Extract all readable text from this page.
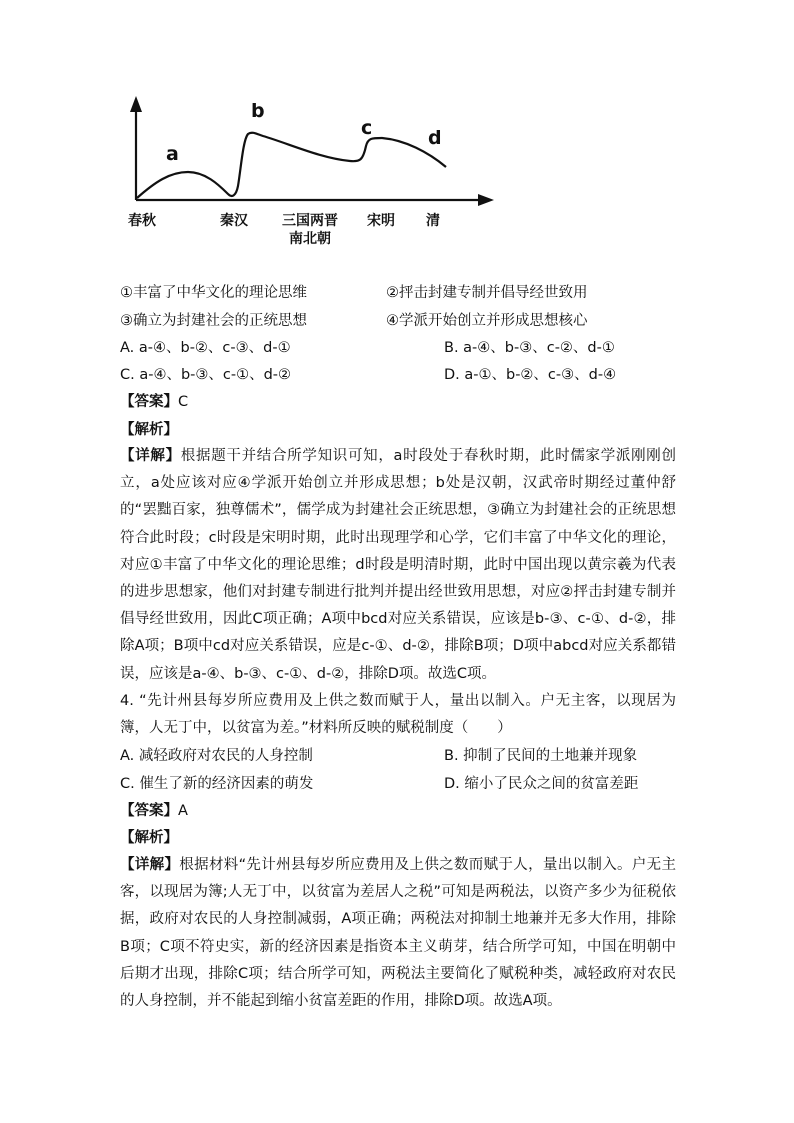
a
b
c	d
春秋	秦汉 三国两晋
南北朝
宋明 清
①丰富了中华文化的理论思维	②抨击封建专制并倡导经世致用
③确立为封建社会的正统思想	④学派开始创立并形成思想核心
A. a-④、b-②、c-③、d-①	B. a-④、b-③、c-②、d-①
C. a-④、b-③、c-①、d-②	D. a-①、b-②、c-③、d-④
【答案】C
【解析】
【详解】根据题干并结合所学知识可知，a时段处于春秋时期，此时儒家学派刚刚创立，a处应该对应④学派开始创立并形成思想；b处是汉朝，汉武帝时期经过董仲舒的“罢黜百家，独尊儒术”，儒学成为封建社会正统思想，③确立为封建社会的正统思想符合此时段；c时段是宋明时期，此时出现理学和心学，它们丰富了中华文化的理论，对应①丰富了中华文化的理论思维；d时段是明清时期，此时中国出现以黄宗羲为代表的进步思想家，他们对封建专制进行批判并提出经世致用思想，对应②抨击封建专制并倡导经世致用，因此C项正确；A项中bcd对应关系错误，应该是b-③、c-①、d-②，排除A项；B项中cd对应关系错误，应是c-①、d-②，排除B项；D项中abcd对应关系都错误，应该是a-④、b-③、c-①、d-②，排除D项。故选C项。
4. “先计州县每岁所应费用及上供之数而赋于人，量出以制入。户无主客，以现居为簿，人无丁中，以贫富为差。”材料所反映的赋税制度（　　）
A. 减轻政府对农民的人身控制	B. 抑制了民间的土地兼并现象
C. 催生了新的经济因素的萌发	D. 缩小了民众之间的贫富差距
【答案】A
【解析】
【详解】根据材料“先计州县每岁所应费用及上供之数而赋于人，量出以制入。户无主客，以现居为簿;人无丁中，以贫富为差居人之税”可知是两税法，以资产多少为征税依据，政府对农民的人身控制减弱，A项正确；两税法对抑制土地兼并无多大作用，排除B项；C项不符史实，新的经济因素是指资本主义萌芽，结合所学可知，中国在明朝中后期才出现，排除C项；结合所学可知，两税法主要简化了赋税种类，减轻政府对农民的人身控制，并不能起到缩小贫富差距的作用，排除D项。故选A项。
